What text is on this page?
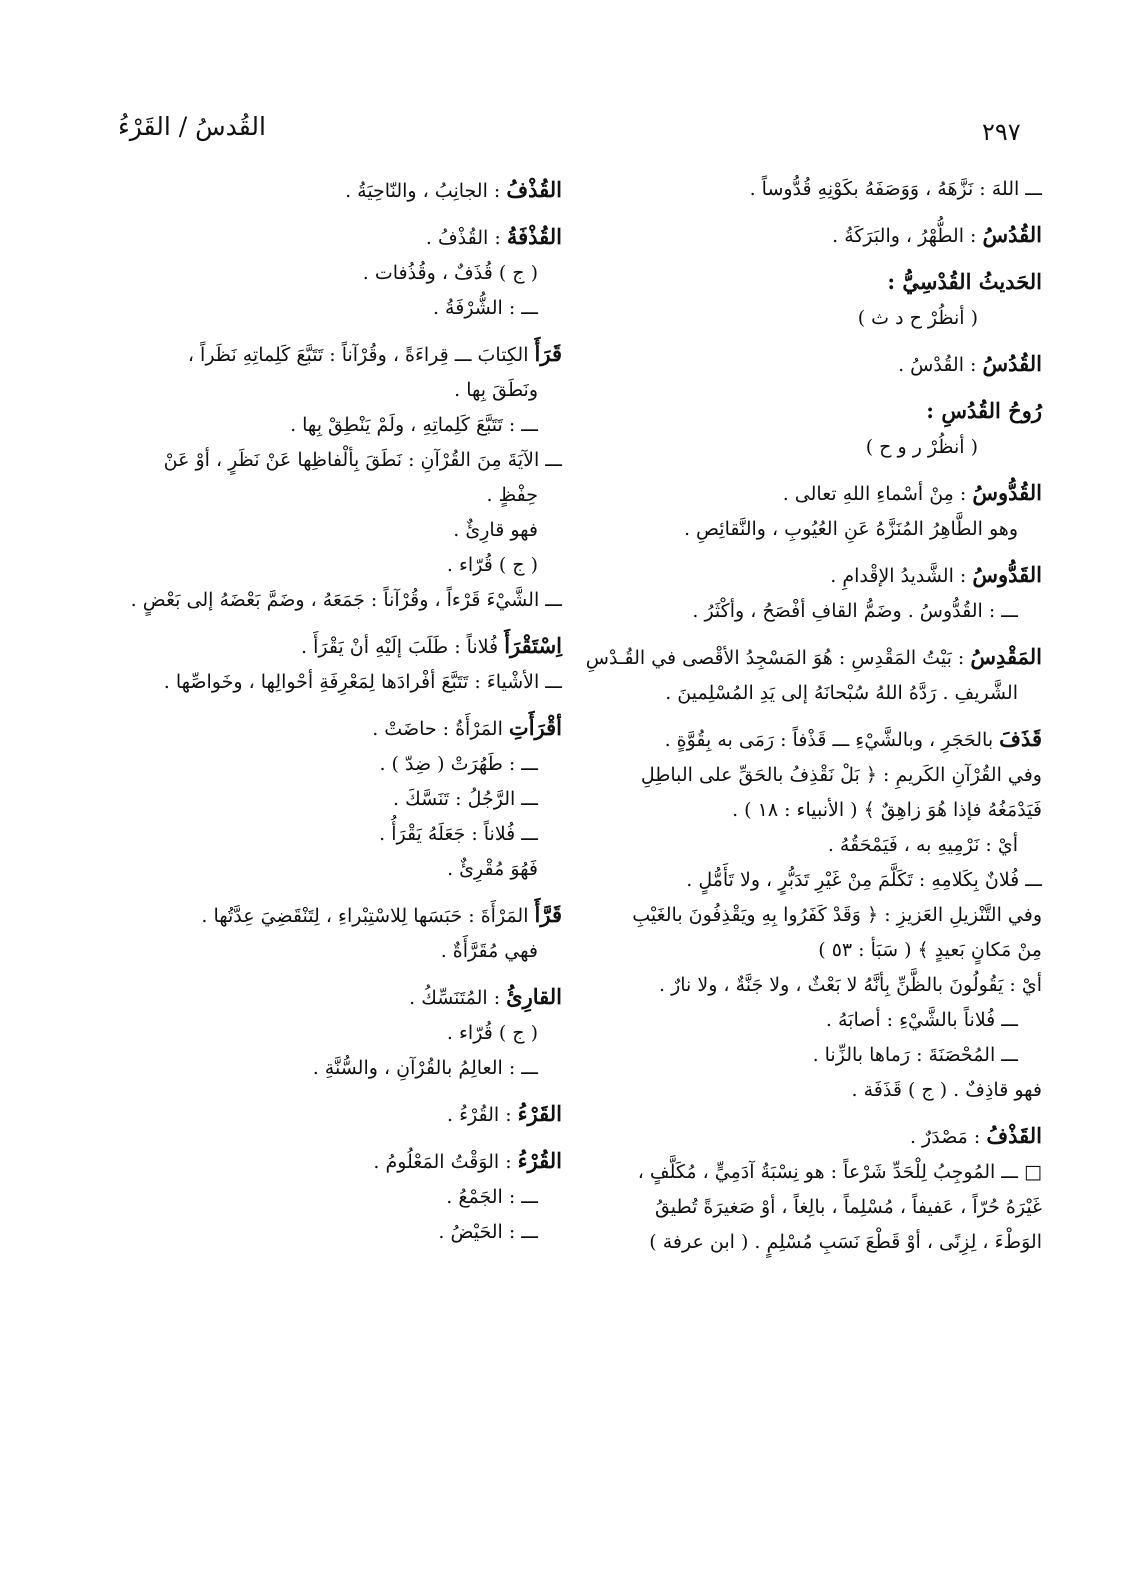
القُدسُ / القَرْءُ	٢٩٧
ـــ اللهَ : نَزَّهَهُ ، وَوَصَفَهُ بكَوْنِهِ قُدُّوساً .
القُدُسُ : الطُّهْرُ ، والبَرَكَةُ .
الحَديثُ القُدْسِيُّ :
( أنظُرْ ح د ث )
القُدُسُ : القُدْسُ .
رُوحُ القُدُسِ :
( أنظُرْ ر و ح )
القُدُّوسُ : مِنْ أسْماءِ اللهِ تعالى .
وهو الطَّاهِرُ المُنَزَّهُ عَنِ العُيُوبِ ، والنَّقائِصِ .
القَدُّوسُ : الشَّديدُ الإقْدامِ .
ـــ : القُدُّوسُ . وضَمُّ القافِ أفْصَحُ ، وأكْثَرُ .
المَقْدِسُ : بَيْتُ المَقْدِسِ : هُوَ المَسْجِدُ الأقْصى في القُـدْسِ
الشَّريفِ . رَدَّهُ اللهُ سُبْحانَهُ إلى يَدِ المُسْلِمينَ .
قَذَفَ بالحَجَرِ ، وبالشَّيْءِ ـــ قَذْفاً : رَمَى به بِقُوَّةٍ .
وفي القُرْآنِ الكَريمِ : ﴿ بَلْ نَقْذِفُ بالحَقِّ على الباطِلِ
فَيَدْمَغُهُ فإذا هُوَ زاهِقٌ ﴾ ( الأنبياء : ١٨ ) .
أيْ : نَرْمِيهِ به ، فَيَمْحَقُهُ .
ـــ فُلانٌ بِكَلامِهِ : تَكَلَّمَ مِنْ غَيْرِ تَدَبُّرٍ ، ولا تَأَمُّلٍ .
وفي التَّنْزيلِ العَزيزِ : ﴿ وَقَدْ كَفَرُوا بِهِ ويَقْذِفُونَ بالغَيْبِ
مِنْ مَكانٍ بَعيدٍ ﴾ ( سَبَأ : ٥٣ )
أيْ : يَقُولُونَ بالظَّنِّ بِأنَّهُ لا بَعْثٌ ، ولا جَنَّةٌ ، ولا نارٌ .
ـــ فُلاناً بالشَّيْءِ : أصابَهُ .
ـــ المُحْصَنَةَ : رَماها بالزِّنا .
فهو قاذِفٌ . ( ج ) قَذَفَة .
القَذْفُ : مَصْدَرٌ .
□ ـــ المُوجِبُ لِلْحَدِّ شَرْعاً : هو نِسْبَةُ آدَمِيٍّ ، مُكَلَّفٍ ،
غَيْرَهُ حُرّاً ، عَفيفاً ، مُسْلِماً ، بالِغاً ، أوْ صَغيرَةً تُطيقُ
الوَطْءَ ، لِزِنًى ، أوْ قَطْعَ نَسَبِ مُسْلِمٍ . ( ابن عرفة )
القُذْفُ : الجانِبُ ، والنّاحِيَةُ .
القُذْفَةُ : القُذْفُ .
( ج ) قُذَفٌ ، وقُذُفات .
ـــ : الشُّرْفَةُ .
قَرَأَ الكِتابَ ـــ قِراءَةً ، وقُرْآناً : تَتَبَّعَ كَلِماتِهِ نَظَراً ،
ونَطَقَ بِها .
ـــ : تَتَبَّعَ كَلِماتِهِ ، ولَمْ يَنْطِقْ بِها .
ـــ الآيَةَ مِنَ القُرْآنِ : نَطَقَ بِألْفاظِها عَنْ نَظَرٍ ، أوْ عَنْ
حِفْظٍ .
فهو قارِئٌ .
( ج ) قُرّاء .
ـــ الشَّيْءَ قَرْءاً ، وقُرْآناً : جَمَعَهُ ، وضَمَّ بَعْضَهُ إلى بَعْضٍ .
اِسْتَقْرَأَ فُلاناً : طَلَبَ إلَيْهِ أنْ يَقْرَأَ .
ـــ الأشْياءَ : تَتَبَّعَ أفْرادَها لِمَعْرِفَةِ أحْوالِها ، وخَواصِّها .
أقْرَأَتِ المَرْأَةُ : حاضَتْ .
ـــ : طَهُرَتْ ( ضِدّ ) .
ـــ الرَّجُلُ : تَنَسَّكَ .
ـــ فُلاناً : جَعَلَهُ يَقْرَأُ .
فَهُوَ مُقْرِئٌ .
قَرَّأَ المَرْأَةَ : حَبَسَها لِلاسْتِبْراءِ ، لِتَنْقَضِيَ عِدَّتُها .
فهي مُقَرَّأَةٌ .
القارِئُ : المُتَنَسِّكُ .
( ج ) قُرّاء .
ـــ : العالِمُ بالقُرْآنِ ، والسُّنَّةِ .
القَرْءُ : القُرْءُ .
القُرْءُ : الوَقْتُ المَعْلُومُ .
ـــ : الجَمْعُ .
ـــ : الحَيْضُ .
